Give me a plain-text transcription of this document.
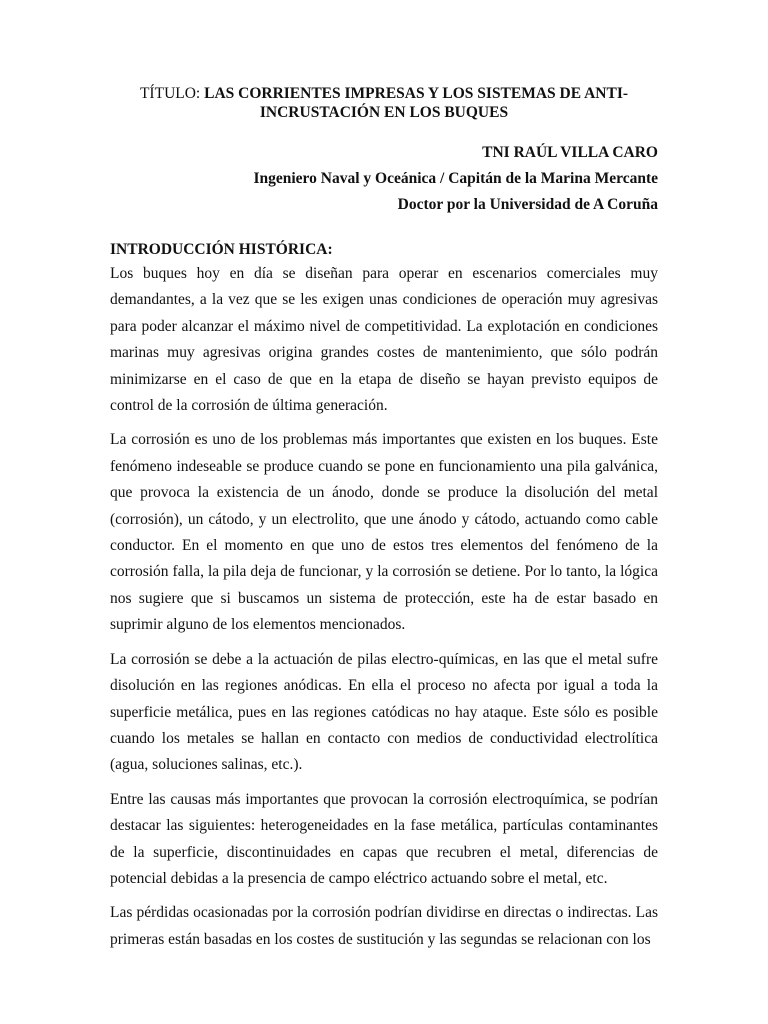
TÍTULO: LAS CORRIENTES IMPRESAS Y LOS SISTEMAS DE ANTI-INCRUSTACIÓN EN LOS BUQUES
TNI RAÚL VILLA CARO
Ingeniero Naval y Oceánica / Capitán de la Marina Mercante
Doctor por la Universidad de A Coruña
INTRODUCCIÓN HISTÓRICA:

Los buques hoy en día se diseñan para operar en escenarios comerciales muy demandantes, a la vez que se les exigen unas condiciones de operación muy agresivas para poder alcanzar el máximo nivel de competitividad. La explotación en condiciones marinas muy agresivas origina grandes costes de mantenimiento, que sólo podrán minimizarse en el caso de que en la etapa de diseño se hayan previsto equipos de control de la corrosión de última generación.

La corrosión es uno de los problemas más importantes que existen en los buques. Este fenómeno indeseable se produce cuando se pone en funcionamiento una pila galvánica, que provoca la existencia de un ánodo, donde se produce la disolución del metal (corrosión), un cátodo, y un electrolito, que une ánodo y cátodo, actuando como cable conductor. En el momento en que uno de estos tres elementos del fenómeno de la corrosión falla, la pila deja de funcionar, y la corrosión se detiene. Por lo tanto, la lógica nos sugiere que si buscamos un sistema de protección, este ha de estar basado en suprimir alguno de los elementos mencionados.

La corrosión se debe a la actuación de pilas electro-químicas, en las que el metal sufre disolución en las regiones anódicas. En ella el proceso no afecta por igual a toda la superficie metálica, pues en las regiones catódicas no hay ataque. Este sólo es posible cuando los metales se hallan en contacto con medios de conductividad electrolítica (agua, soluciones salinas, etc.).

Entre las causas más importantes que provocan la corrosión electroquímica, se podrían destacar las siguientes: heterogeneidades en la fase metálica, partículas contaminantes de la superficie, discontinuidades en capas que recubren el metal, diferencias de potencial debidas a la presencia de campo eléctrico actuando sobre el metal, etc.

Las pérdidas ocasionadas por la corrosión podrían dividirse en directas o indirectas. Las primeras están basadas en los costes de sustitución y las segundas se relacionan con los
